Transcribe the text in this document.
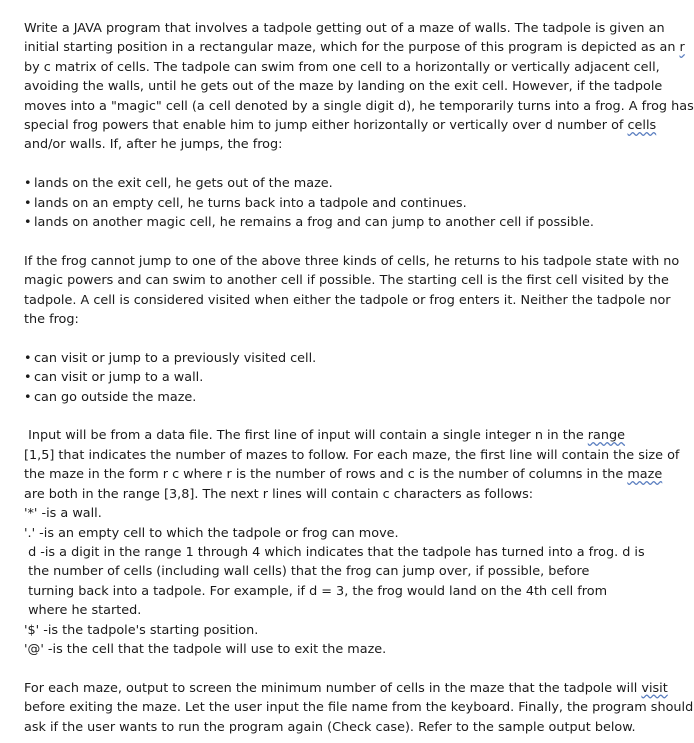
Write a JAVA program that involves a tadpole getting out of a maze of walls. The tadpole is given an
initial starting position in a rectangular maze, which for the purpose of this program is depicted as an r
by c matrix of cells. The tadpole can swim from one cell to a horizontally or vertically adjacent cell,
avoiding the walls, until he gets out of the maze by landing on the exit cell. However, if the tadpole
moves into a "magic" cell (a cell denoted by a single digit d), he temporarily turns into a frog. A frog has
special frog powers that enable him to jump either horizontally or vertically over d number of cells
and/or walls. If, after he jumps, the frog:
• lands on the exit cell, he gets out of the maze.
• lands on an empty cell, he turns back into a tadpole and continues.
• lands on another magic cell, he remains a frog and can jump to another cell if possible.
If the frog cannot jump to one of the above three kinds of cells, he returns to his tadpole state with no
magic powers and can swim to another cell if possible. The starting cell is the first cell visited by the
tadpole. A cell is considered visited when either the tadpole or frog enters it. Neither the tadpole nor
the frog:
• can visit or jump to a previously visited cell.
• can visit or jump to a wall.
• can go outside the maze.
Input will be from a data file. The first line of input will contain a single integer n in the range
[1,5] that indicates the number of mazes to follow. For each maze, the first line will contain the size of
the maze in the form r c where r is the number of rows and c is the number of columns in the maze
are both in the range [3,8]. The next r lines will contain c characters as follows:
'*' -is a wall.
'.' -is an empty cell to which the tadpole or frog can move.
d -is a digit in the range 1 through 4 which indicates that the tadpole has turned into a frog. d is
the number of cells (including wall cells) that the frog can jump over, if possible, before
turning back into a tadpole. For example, if d = 3, the frog would land on the 4th cell from
where he started.
'$' -is the tadpole's starting position.
'@' -is the cell that the tadpole will use to exit the maze.
For each maze, output to screen the minimum number of cells in the maze that the tadpole will visit
before exiting the maze. Let the user input the file name from the keyboard. Finally, the program should
ask if the user wants to run the program again (Check case). Refer to the sample output below.
